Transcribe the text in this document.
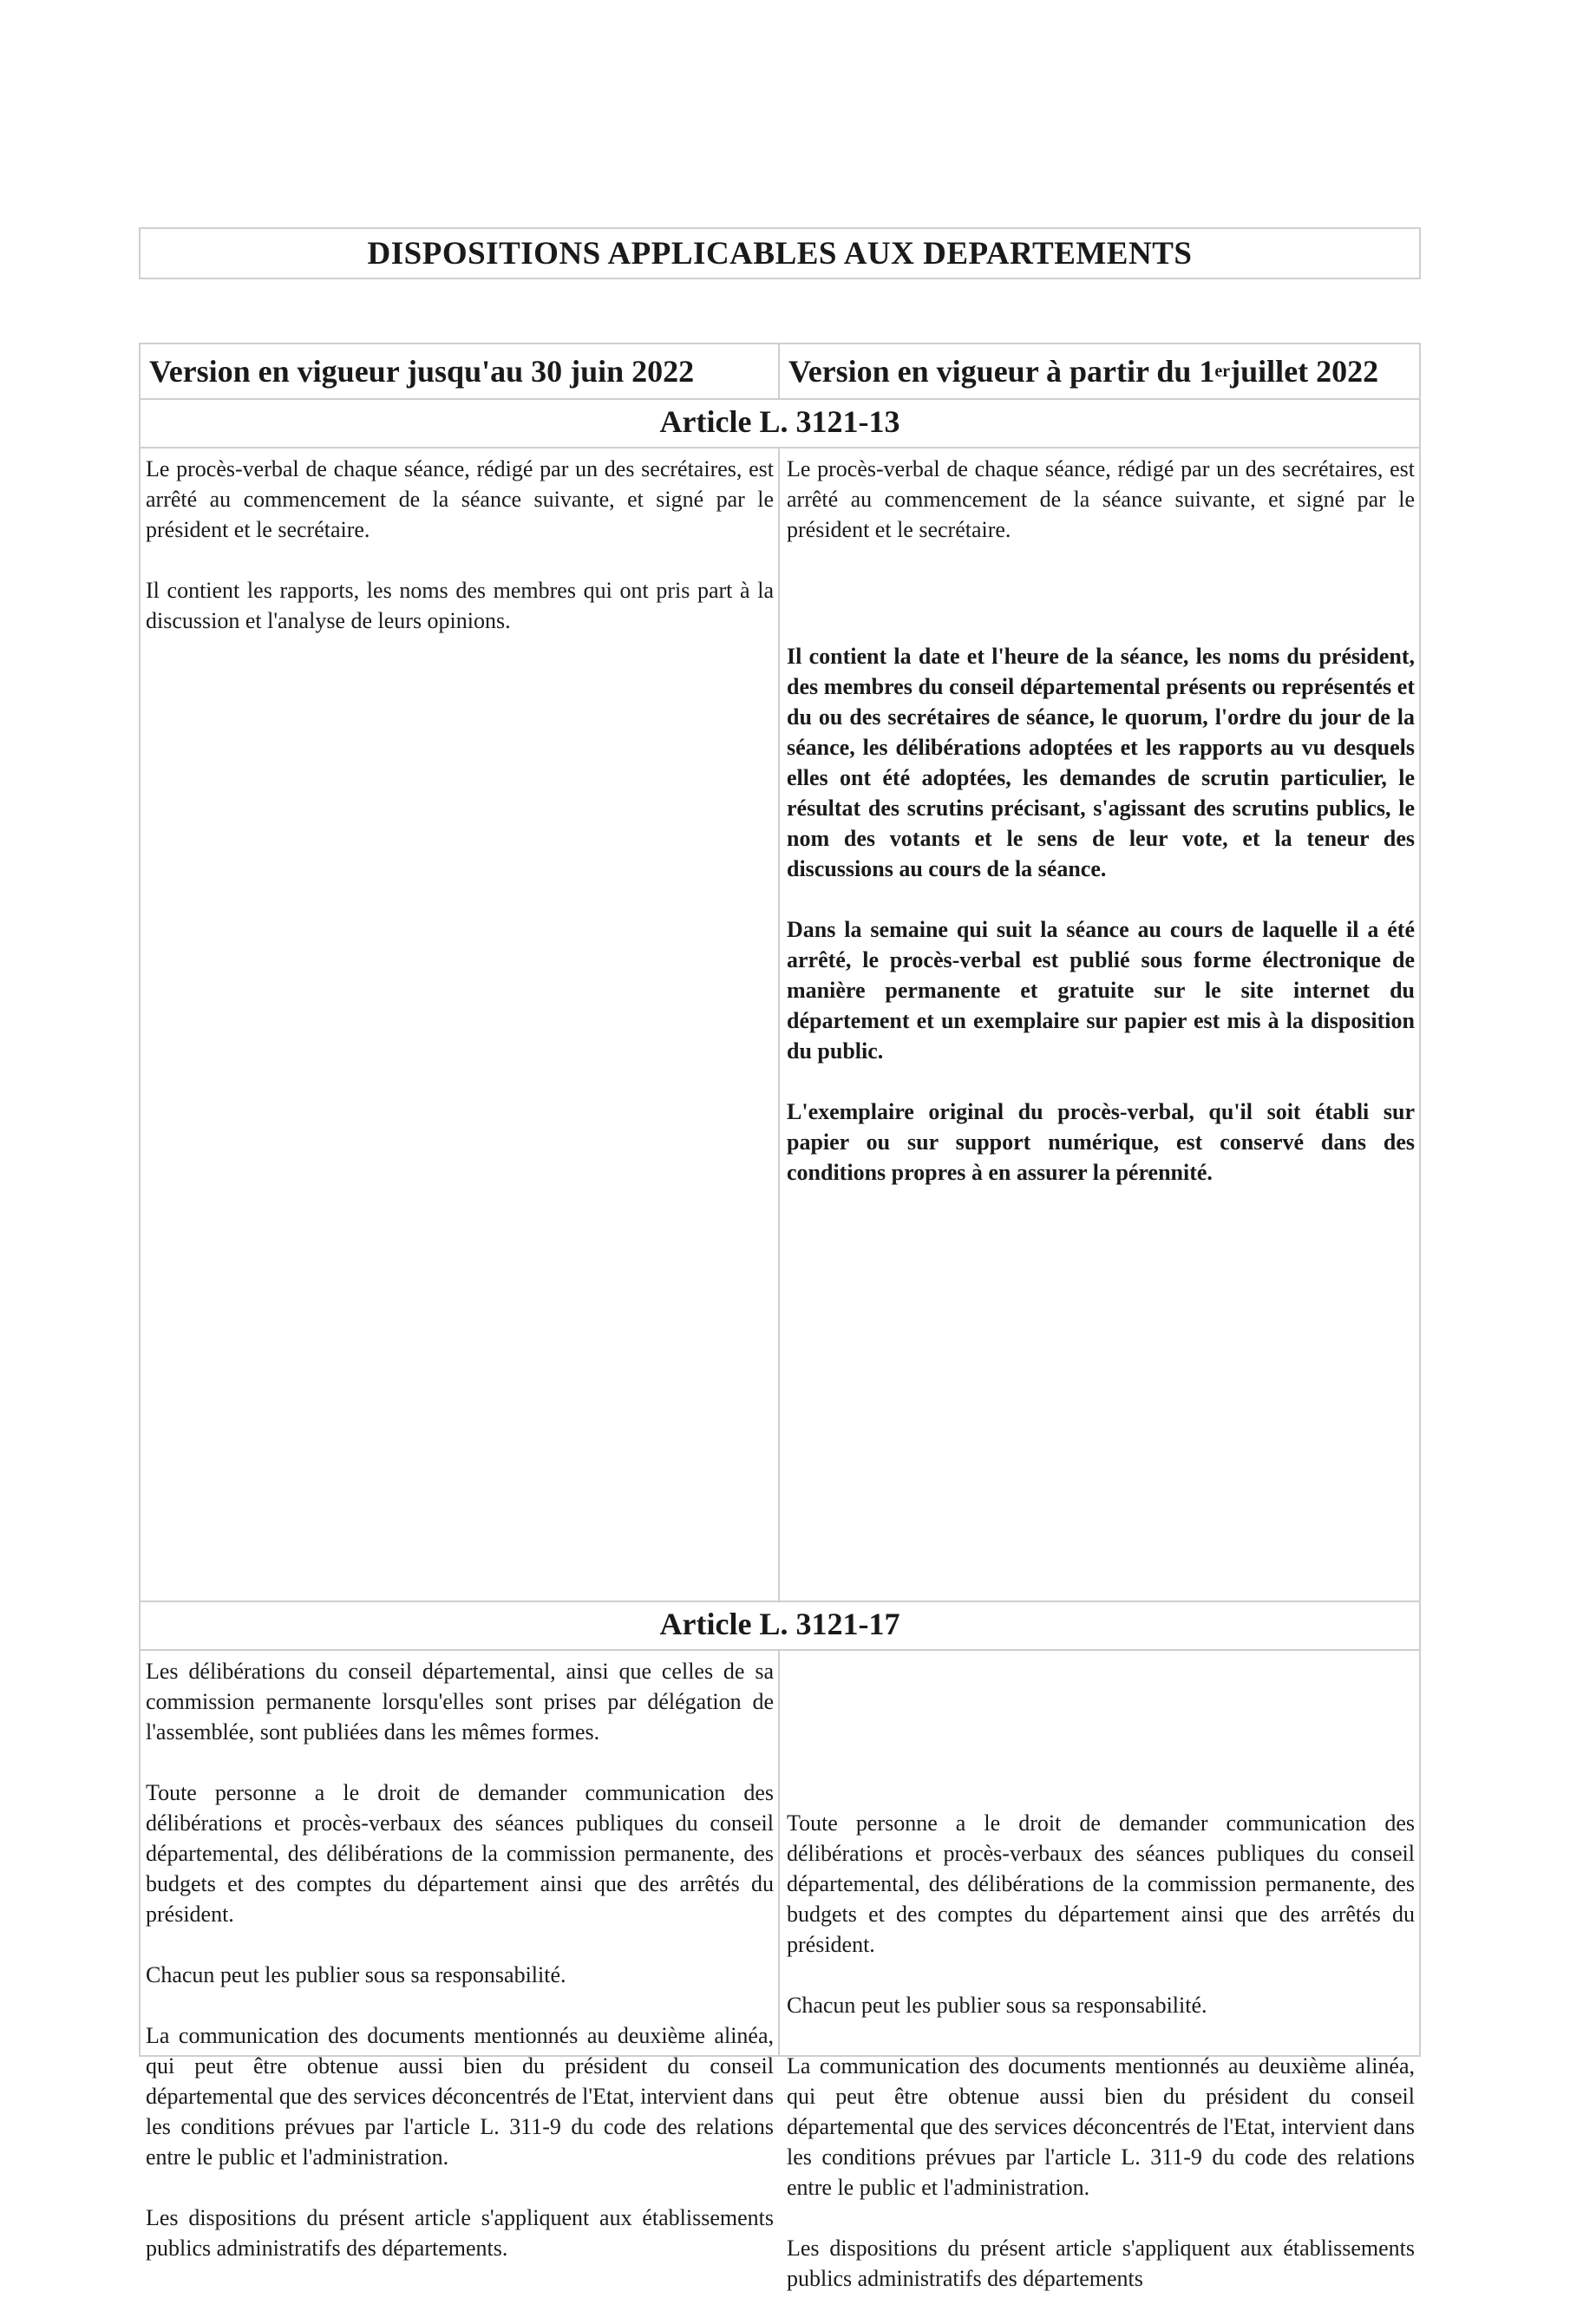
DISPOSITIONS APPLICABLES AUX DEPARTEMENTS
Version en vigueur jusqu'au 30 juin 2022	Version en vigueur à partir du 1 er juillet 2022
Article L. 3121-13

Le procès-verbal de chaque séance, rédigé par un des secrétaires, est arrêté au commencement de la séance suivante, et signé par le président et le secrétaire.

Il contient les rapports, les noms des membres qui ont pris part à la discussion et l'analyse de leurs opinions.

Le procès-verbal de chaque séance, rédigé par un des secrétaires, est arrêté au commencement de la séance suivante, et signé par le président et le secrétaire.

Il contient la date et l'heure de la séance, les noms du président, des membres du conseil départemental présents ou représentés et du ou des secrétaires de séance, le quorum, l'ordre du jour de la séance, les délibérations adoptées et les rapports au vu desquels elles ont été adoptées, les demandes de scrutin particulier, le résultat des scrutins précisant, s'agissant des scrutins publics, le nom des votants et le sens de leur vote, et la teneur des discussions au cours de la séance.

Dans la semaine qui suit la séance au cours de laquelle il a été arrêté, le procès-verbal est publié sous forme électronique de manière permanente et gratuite sur le site internet du département et un exemplaire sur papier est mis à la disposition du public.

L'exemplaire original du procès-verbal, qu'il soit établi sur papier ou sur support numérique, est conservé dans des conditions propres à en assurer la pérennité.

Article L. 3121-17

Les délibérations du conseil départemental, ainsi que celles de sa commission permanente lorsqu'elles sont prises par délégation de l'assemblée, sont publiées dans les mêmes formes.

Toute personne a le droit de demander communication des délibérations et procès-verbaux des séances publiques du conseil départemental, des délibérations de la commission permanente, des budgets et des comptes du département ainsi que des arrêtés du président.

Chacun peut les publier sous sa responsabilité.

La communication des documents mentionnés au deuxième alinéa, qui peut être obtenue aussi bien du président du conseil départemental que des services déconcentrés de l'Etat, intervient dans les conditions prévues par l'article L. 311-9 du code des relations entre le public et l'administration.

Les dispositions du présent article s'appliquent aux établissements publics administratifs des départements.

Toute personne a le droit de demander communication des délibérations et procès-verbaux des séances publiques du conseil départemental, des délibérations de la commission permanente, des budgets et des comptes du département ainsi que des arrêtés du président.

Chacun peut les publier sous sa responsabilité.

La communication des documents mentionnés au deuxième alinéa, qui peut être obtenue aussi bien du président du conseil départemental que des services déconcentrés de l'Etat, intervient dans les conditions prévues par l'article L. 311-9 du code des relations entre le public et l'administration.

Les dispositions du présent article s'appliquent aux établissements publics administratifs des départements
